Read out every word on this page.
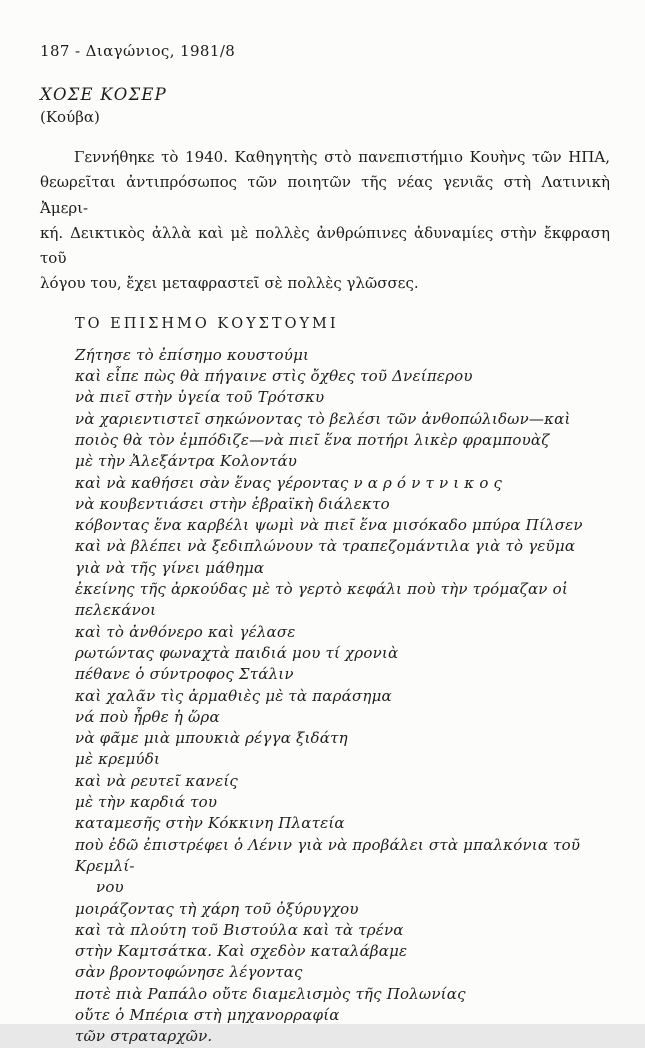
187 - Διαγώνιος, 1981/8
ΧΟΣΕ ΚΟΣΕΡ
(Κούβα)
Γεννήθηκε τὸ 1940. Καθηγητὴς στὸ πανεπιστήμιο Κουὴνς τῶν ΗΠΑ,
θεωρεῖται ἀντιπρόσωπος τῶν ποιητῶν τῆς νέας γενιᾶς στὴ Λατινικὴ Ἀμερι-
κή. Δεικτικὸς ἀλλὰ καὶ μὲ πολλὲς ἀνθρώπινες ἀδυναμίες στὴν ἔκφραση τοῦ
λόγου του, ἔχει μεταφραστεῖ σὲ πολλὲς γλῶσσες.
ΤΟ ΕΠΙΣΗΜΟ ΚΟΥΣΤΟΥΜΙ
Ζήτησε τὸ ἐπίσημο κουστούμι
καὶ εἶπε πὼς θὰ πήγαινε στὶς ὄχθες τοῦ Δνείπερου
νὰ πιεῖ στὴν ὑγεία τοῦ Τρότσκυ
νὰ χαριεντιστεῖ σηκώνοντας τὸ βελέσι τῶν ἀνθοπώλιδων—καὶ
ποιὸς θὰ τὸν ἐμπόδιζε—νὰ πιεῖ ἕνα ποτήρι λικὲρ φραμπουὰζ
μὲ τὴν Ἀλεξάντρα Κολοντάυ
καὶ νὰ καθήσει σὰν ἕνας γέροντας ν α ρ ό ν τ ν ι κ ο ς
νὰ κουβεντιάσει στὴν ἑβραϊκὴ διάλεκτο
κόβοντας ἕνα καρβέλι ψωμὶ νὰ πιεῖ ἕνα μισόκαδο μπύρα Πίλσεν
καὶ νὰ βλέπει νὰ ξεδιπλώνουν τὰ τραπεζομάντιλα γιὰ τὸ γεῦμα
γιὰ νὰ τῆς γίνει μάθημα
ἐκείνης τῆς ἀρκούδας μὲ τὸ γερτὸ κεφάλι ποὺ τὴν τρόμαζαν οἱ πελεκάνοι
καὶ τὸ ἀνθόνερο καὶ γέλασε
ρωτώντας φωναχτὰ παιδιά μου τί χρονιὰ
πέθανε ὁ σύντροφος Στάλιν
καὶ χαλᾶν τὶς ἁρμαθιὲς μὲ τὰ παράσημα
νά ποὺ ἦρθε ἡ ὥρα
νὰ φᾶμε μιὰ μπουκιὰ ρέγγα ξιδάτη
μὲ κρεμύδι
καὶ νὰ ρευτεῖ κανείς
μὲ τὴν καρδιά του
καταμεσῆς στὴν Κόκκινη Πλατεία
ποὺ ἐδῶ ἐπιστρέφει ὁ Λένιν γιὰ νὰ προβάλει στὰ μπαλκόνια τοῦ Κρεμλί-
νου
μοιράζοντας τὴ χάρη τοῦ ὀξύρυγχου
καὶ τὰ πλούτη τοῦ Βιστούλα καὶ τὰ τρένα
στὴν Καμτσάτκα. Καὶ σχεδὸν καταλάβαμε
σὰν βροντοφώνησε λέγοντας
ποτὲ πιὰ Ραπάλο οὔτε διαμελισμὸς τῆς Πολωνίας
οὔτε ὁ Μπέρια στὴ μηχανορραφία
τῶν στραταρχῶν.
